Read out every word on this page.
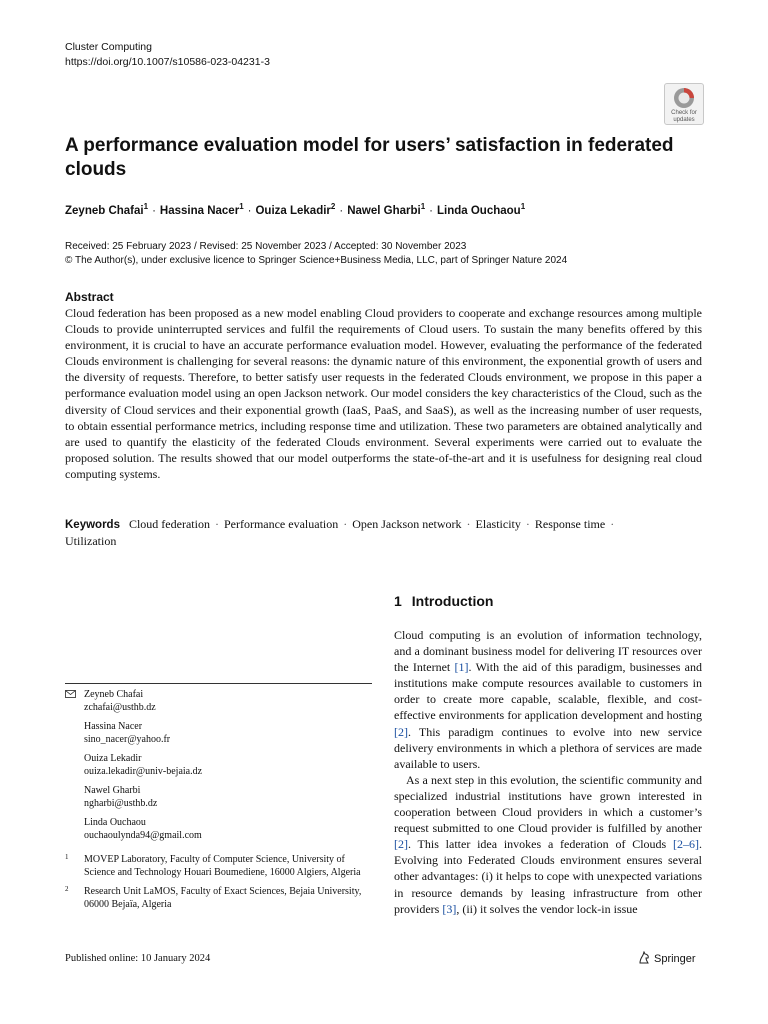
Cluster Computing
https://doi.org/10.1007/s10586-023-04231-3
Check for
updates
A performance evaluation model for users’ satisfaction in federated clouds
Zeyneb Chafai$^1$ · Hassina Nacer$^1$ · Ouiza Lekadir$^2$ · Nawel Gharbi$^1$ · Linda Ouchaou$^1$
Received: 25 February 2023 / Revised: 25 November 2023 / Accepted: 30 November 2023
© The Author(s), under exclusive licence to Springer Science+Business Media, LLC, part of Springer Nature 2024
Abstract

Cloud federation has been proposed as a new model enabling Cloud providers to cooperate and exchange resources among multiple Clouds to provide uninterrupted services and fulfil the requirements of Cloud users. To sustain the many benefits offered by this environment, it is crucial to have an accurate performance evaluation model. However, evaluating the performance of the federated Clouds environment is challenging for several reasons: the dynamic nature of this environment, the exponential growth of users and the diversity of requests. Therefore, to better satisfy user requests in the federated Clouds environment, we propose in this paper a performance evaluation model using an open Jackson network. Our model considers the key characteristics of the Cloud, such as the diversity of Cloud services and their exponential growth (IaaS, PaaS, and SaaS), as well as the increasing number of user requests, to obtain essential performance metrics, including response time and utilization. These two parameters are obtained analytically and are used to quantify the elasticity of the federated Clouds environment. Several experiments were carried out to evaluate the proposed solution. The results showed that our model outperforms the state-of-the-art and it is usefulness for designing real cloud computing systems.

Keywords Cloud federation · Performance evaluation · Open Jackson network · Elasticity · Response time ·
Utilization
1 Introduction

Cloud computing is an evolution of information technology, and a dominant business model for delivering IT resources over the Internet [1]. With the aid of this paradigm, businesses and institutions make compute resources available to customers in order to create more capable, scalable, flexible, and cost-effective environments for application development and hosting [2]. This paradigm continues to evolve into new service delivery environments in which a plethora of services are made available to users.

As a next step in this evolution, the scientific community and specialized industrial institutions have grown interested in cooperation between Cloud providers in which a customer’s request submitted to one Cloud provider is fulfilled by another [2]. This latter idea invokes a federation of Clouds [2–6]. Evolving into Federated Clouds environment ensures several other advantages: (i) it helps to cope with unexpected variations in resource demands by leasing infrastructure from other providers [3], (ii) it solves the vendor lock-in issue

Zeyneb Chafai
zchafai@usthb.dz
Hassina Nacer
sino_nacer@yahoo.fr
Ouiza Lekadir
ouiza.lekadir@univ-bejaia.dz
Nawel Gharbi
ngharbi@usthb.dz
Linda Ouchaou
ouchaoulynda94@gmail.com
1 MOVEP Laboratory, Faculty of Computer Science, University of Science and Technology Houari Boumediene, 16000 Algiers, Algeria
2 Research Unit LaMOS, Faculty of Exact Sciences, Bejaia University, 06000 Bejaïa, Algeria
Published online: 10 January 2024	Springer
